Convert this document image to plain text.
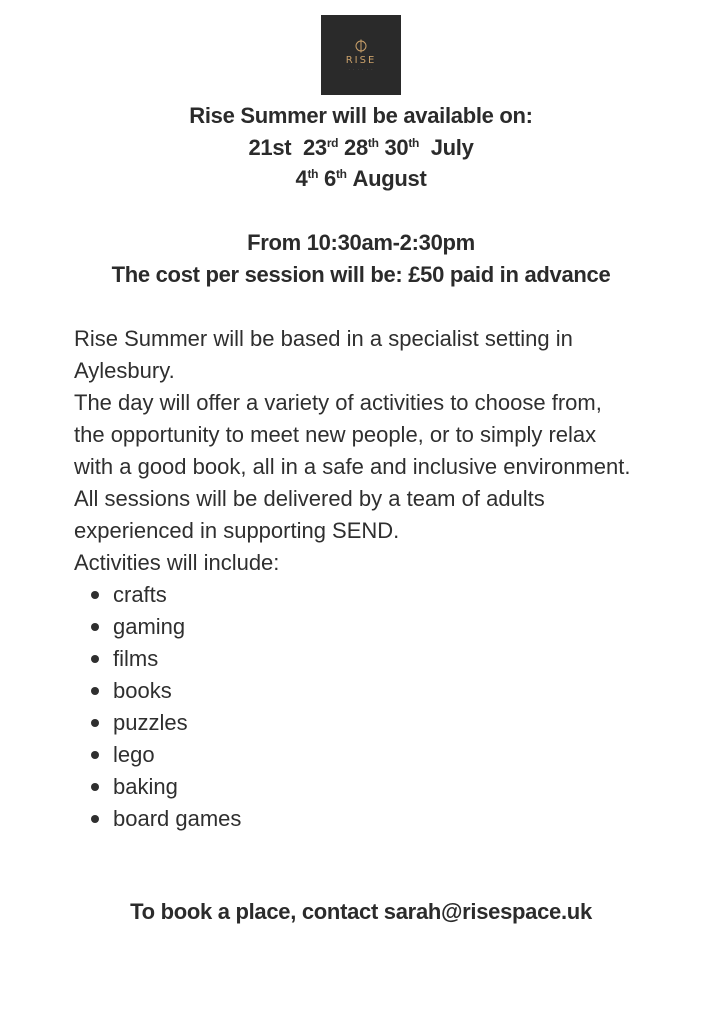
RISE
· · · · · ·
Rise Summer will be available on:
21st 23rd 28th 30th July
4th 6th August
From 10:30am-2:30pm
The cost per session will be: £50 paid in advance

Rise Summer will be based in a specialist setting in Aylesbury.

The day will offer a variety of activities to choose from, the opportunity to meet new people, or to simply relax with a good book, all in a safe and inclusive environment.

All sessions will be delivered by a team of adults experienced in supporting SEND.

Activities will include:

crafts
gaming
films
books
puzzles
lego
baking
board games
To book a place, contact sarah@risespace.uk
